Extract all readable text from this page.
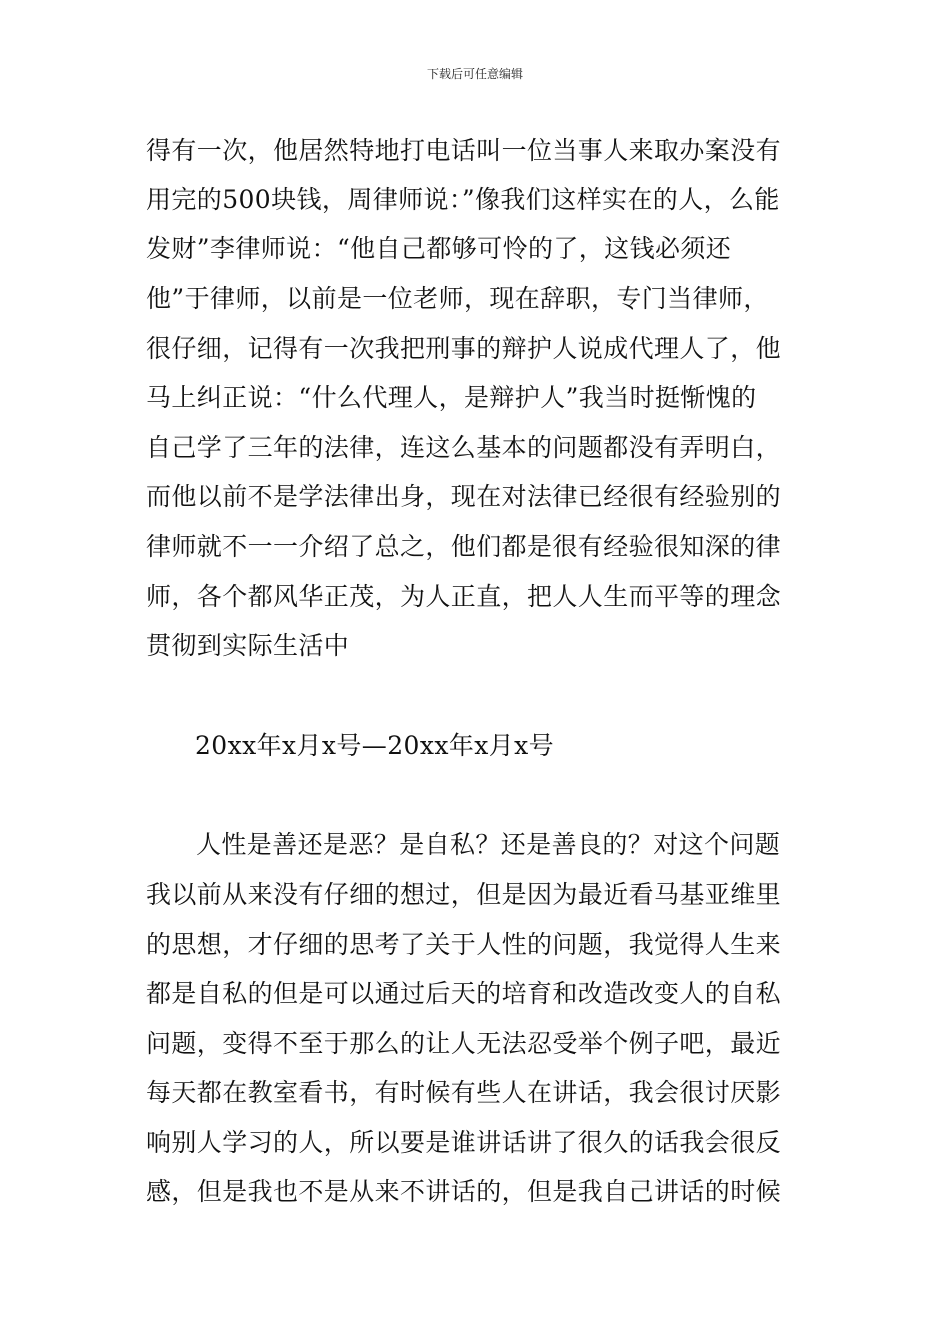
下载后可任意编辑
得有一次，他居然特地打电话叫一位当事人来取办案没有
用完的500块钱，周律师说：”像我们这样实在的人，么能
发财”李律师说：“他自己都够可怜的了，这钱必须还
他”于律师，以前是一位老师，现在辞职，专门当律师，
很仔细，记得有一次我把刑事的辩护人说成代理人了，他
马上纠正说：“什么代理人，是辩护人”我当时挺惭愧的
自己学了三年的法律，连这么基本的问题都没有弄明白，
而他以前不是学法律出身，现在对法律已经很有经验别的
律师就不一一介绍了总之，他们都是很有经验很知深的律
师，各个都风华正茂，为人正直，把人人生而平等的理念
贯彻到实际生活中
20xx年x月x号—20xx年x月x号
人性是善还是恶？是自私？还是善良的？对这个问题
我以前从来没有仔细的想过，但是因为最近看马基亚维里
的思想，才仔细的思考了关于人性的问题，我觉得人生来
都是自私的但是可以通过后天的培育和改造改变人的自私
问题，变得不至于那么的让人无法忍受举个例子吧，最近
每天都在教室看书，有时候有些人在讲话，我会很讨厌影
响别人学习的人，所以要是谁讲话讲了很久的话我会很反
感，但是我也不是从来不讲话的，但是我自己讲话的时候
